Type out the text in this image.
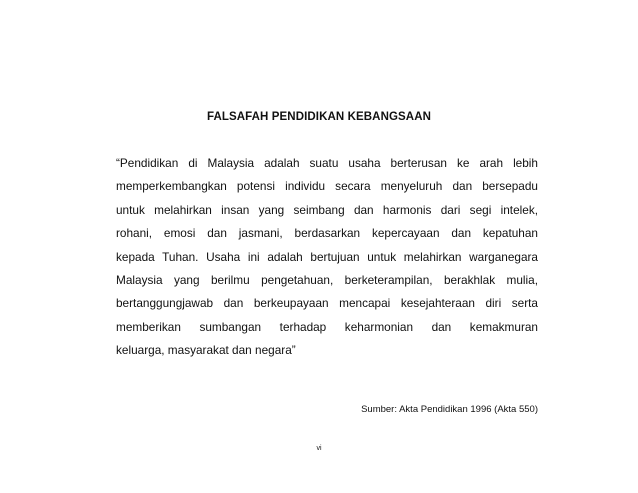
FALSAFAH PENDIDIKAN KEBANGSAAN

“Pendidikan di Malaysia adalah suatu usaha berterusan ke arah lebih
memperkembangkan potensi individu secara menyeluruh dan bersepadu
untuk melahirkan insan yang seimbang dan harmonis dari segi intelek,
rohani, emosi dan jasmani, berdasarkan kepercayaan dan kepatuhan
kepada Tuhan. Usaha ini adalah bertujuan untuk melahirkan warganegara
Malaysia yang berilmu pengetahuan, berketerampilan, berakhlak mulia,
bertanggungjawab dan berkeupayaan mencapai kesejahteraan diri serta
memberikan sumbangan terhadap keharmonian dan kemakmuran
keluarga, masyarakat dan negara”

Sumber: Akta Pendidikan 1996 (Akta 550)

vi
